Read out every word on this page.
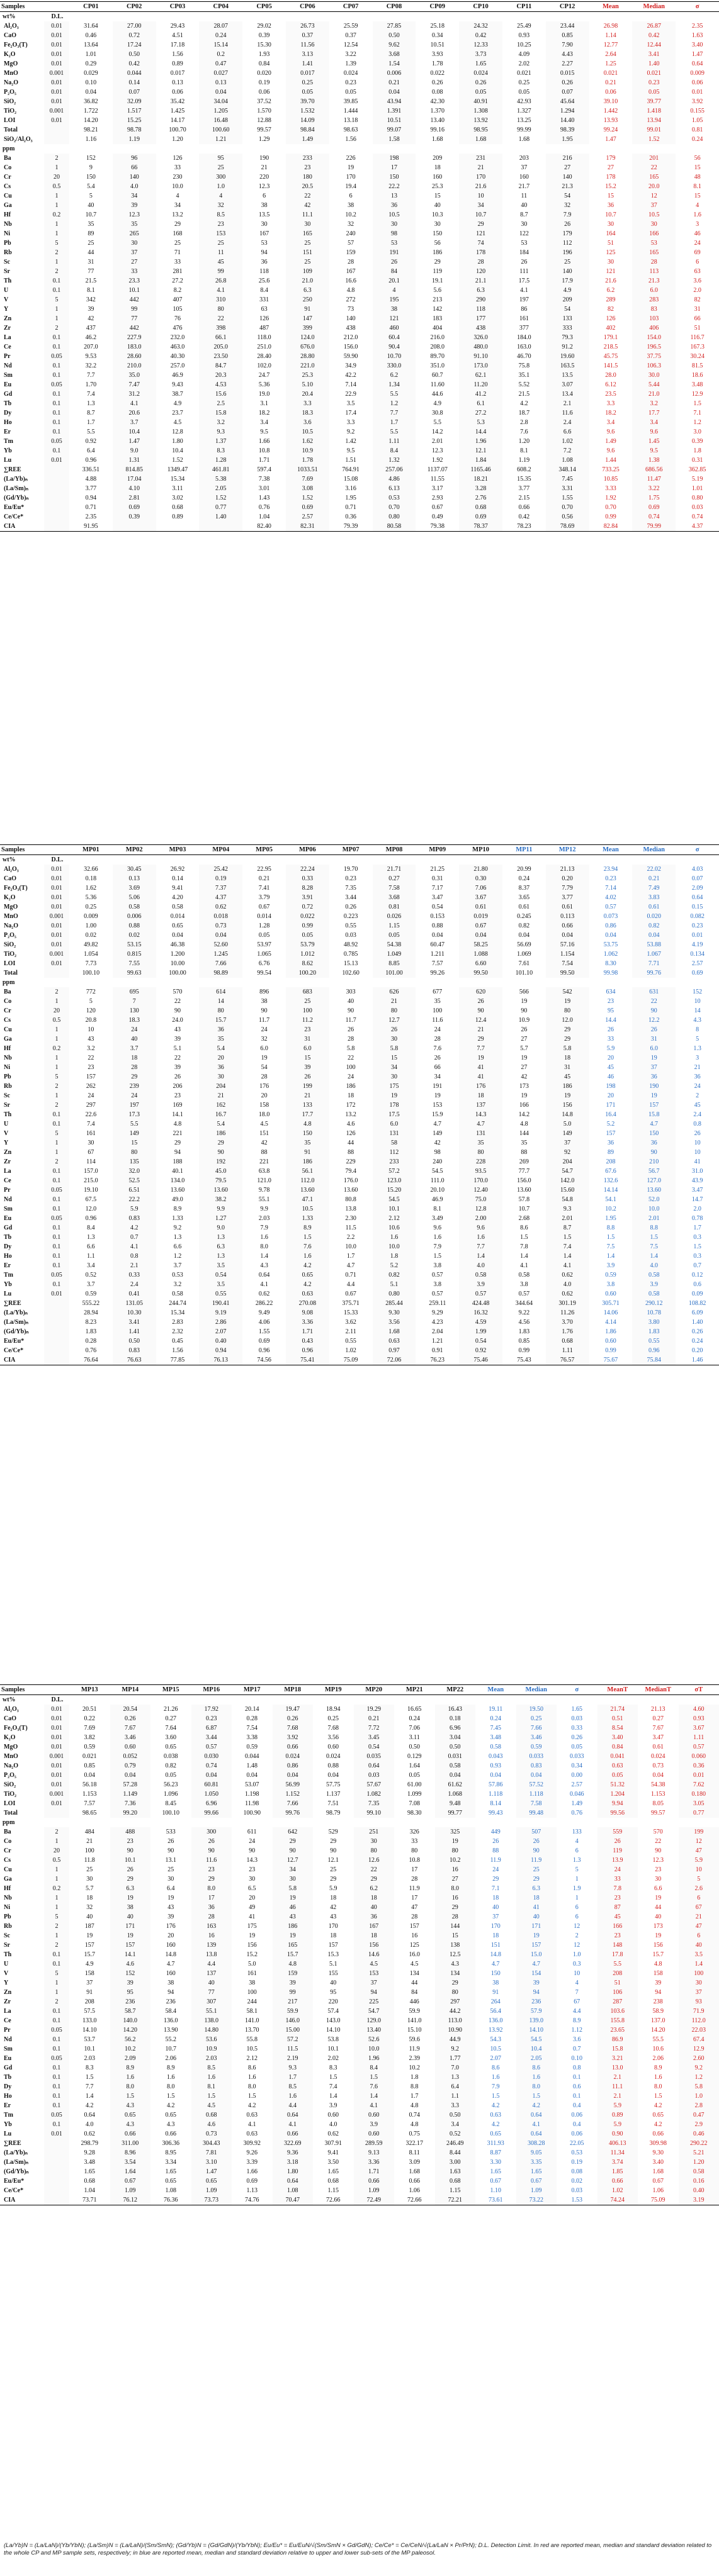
Samples		CP01	CP02	CP03	CP04	CP05	CP06	CP07	CP08	CP09	CP10	CP11	CP12	Mean	Median	σ
wt%	D.L.															
Al₂O₃	0.01	31.64	27.00	29.43	28.07	29.02	26.73	25.59	27.85	25.18	24.32	25.49	23.44	26.98	26.87	2.35
CaO	0.01	0.46	0.72	4.51	0.24	0.39	0.37	0.37	0.50	0.34	0.42	0.93	0.85	1.14	0.42	1.63
Fe₂O₃(T)	0.01	13.64	17.24	17.18	15.14	15.30	11.56	12.54	9.62	10.51	12.33	10.25	7.90	12.77	12.44	3.40
K₂O	0.01	1.01	0.50	1.56	0.2	1.93	3.13	3.22	3.68	3.93	3.73	4.09	4.43	2.64	3.41	1.47
MgO	0.01	0.29	0.42	0.89	0.47	0.84	1.41	1.39	1.54	1.78	1.65	2.02	2.27	1.25	1.40	0.64
MnO	0.001	0.029	0.044	0.017	0.027	0.020	0.017	0.024	0.006	0.022	0.024	0.021	0.015	0.021	0.021	0.009
Na₂O	0.01	0.10	0.14	0.13	0.13	0.19	0.25	0.23	0.21	0.26	0.26	0.25	0.26	0.21	0.23	0.06
P₂O₅	0.01	0.04	0.07	0.06	0.04	0.06	0.05	0.05	0.04	0.08	0.05	0.05	0.07	0.06	0.05	0.01
SiO₂	0.01	36.82	32.09	35.42	34.04	37.52	39.70	39.85	43.94	42.30	40.91	42.93	45.64	39.10	39.77	3.92
TiO₂	0.001	1.722	1.517	1.425	1.205	1.570	1.532	1.444	1.391	1.370	1.308	1.327	1.294	1.442	1.418	0.155
LOI	0.01	14.20	15.25	14.17	16.48	12.88	14.09	13.18	10.51	13.40	13.92	13.25	14.40	13.93	13.94	1.05
Total		98.21	98.78	100.70	100.60	99.57	98.84	98.63	99.07	99.16	98.95	99.99	98.39	99.24	99.01	0.81
SiO₂/Al₂O₃		1.16	1.19	1.20	1.21	1.29	1.49	1.56	1.58	1.68	1.68	1.68	1.95	1.47	1.52	0.24
ppm																
Ba	2	152	96	126	95	190	233	226	198	209	231	203	216	179	201	56
Co	1	9	66	33	25	21	23	19	17	18	21	37	27	27	22	15
Cr	20	150	140	230	300	220	180	170	150	160	170	160	140	178	165	48
Cs	0.5	5.4	4.0	10.0	1.0	12.3	20.5	19.4	22.2	25.3	21.6	21.7	21.3	15.2	20.0	8.1
Cu	1	5	34	4	4	6	22	6	13	15	10	11	54	15	12	15
Ga	1	40	39	34	32	38	42	38	36	40	34	40	32	36	37	4
Hf	0.2	10.7	12.3	13.2	8.5	13.5	11.1	10.2	10.5	10.3	10.7	8.7	7.9	10.7	10.5	1.6
Nb	1	35	35	29	23	30	30	32	30	30	29	30	26	30	30	3
Ni	1	89	265	168	153	167	165	240	98	150	121	122	179	164	166	46
Pb	5	25	30	25	25	53	25	57	53	56	74	53	112	51	53	24
Rb	2	44	37	71	11	94	151	159	191	186	178	184	196	125	165	69
Sc	1	31	27	33	45	36	25	28	26	29	28	26	25	30	28	6
Sr	2	77	33	281	99	118	109	167	84	119	120	111	140	121	113	63
Th	0.1	21.5	23.3	27.2	26.8	25.6	21.0	16.6	20.1	19.1	21.1	17.5	17.9	21.6	21.3	3.6
U	0.1	8.1	10.1	8.2	4.1	8.4	6.3	4.8	4	5.6	6.3	4.1	4.9	6.2	6.0	2.0
V	5	342	442	407	310	331	250	272	195	213	290	197	209	289	283	82
Y	1	39	99	105	80	63	91	73	38	142	118	86	54	82	83	31
Zn	1	42	77	76	22	126	147	140	121	183	177	161	133	126	103	66
Zr	2	437	442	476	398	487	399	438	460	404	438	377	333	402	406	51
La	0.1	46.2	227.9	232.0	66.1	118.0	124.0	212.0	60.4	216.0	326.0	184.0	79.3	179.1	154.0	116.7
Ce	0.1	207.0	183.0	463.0	205.0	251.0	676.0	156.0	90.4	208.0	480.0	163.0	91.2	218.5	196.5	167.3
Pr	0.05	9.53	28.60	40.30	23.50	28.40	28.80	59.90	10.70	89.70	91.10	46.70	19.60	45.75	37.75	30.24
Nd	0.1	32.2	210.0	257.0	84.7	102.0	221.0	34.9	330.0	351.0	173.0	75.8	163.5	141.5	106.3	81.5
Sm	0.1	7.7	35.0	46.9	20.3	24.7	25.3	42.2	6.2	60.7	62.1	35.1	13.5	28.0	30.0	18.6
Eu	0.05	1.70	7.47	9.43	4.53	5.36	5.10	7.14	1.34	11.60	11.20	5.52	3.07	6.12	5.44	3.48
Gd	0.1	7.4	31.2	38.7	15.6	19.0	20.4	22.9	5.5	44.6	41.2	21.5	13.4	23.5	21.0	12.9
Tb	0.1	1.3	4.1	4.9	2.5	3.1	3.3	3.5	1.2	4.9	6.1	4.2	2.1	3.3	3.2	1.5
Dy	0.1	8.7	20.6	23.7	15.8	18.2	18.3	17.4	7.7	30.8	27.2	18.7	11.6	18.2	17.7	7.1
Ho	0.1	1.7	3.7	4.5	3.2	3.4	3.6	3.3	1.7	5.5	5.3	2.8	2.4	3.4	3.4	1.2
Er	0.1	5.5	10.4	12.8	9.3	9.5	10.5	9.2	5.5	14.2	14.4	7.6	6.6	9.6	9.6	3.0
Tm	0.05	0.92	1.47	1.80	1.37	1.66	1.62	1.42	1.11	2.01	1.96	1.20	1.02	1.49	1.45	0.39
Yb	0.1	6.4	9.0	10.4	8.3	10.8	10.9	9.5	8.4	12.3	12.1	8.1	7.2	9.6	9.5	1.8
Lu	0.01	0.96	1.31	1.52	1.28	1.71	1.78	1.51	1.32	1.92	1.84	1.19	1.08	1.44	1.38	0.31
∑REE		336.51	814.85	1349.47	461.81	597.4	1033.51	764.91	257.06	1137.07	1165.46	608.2	348.14	733.25	686.56	362.85
(La/Yb)ₙ		4.88	17.04	15.34	5.38	7.38	7.69	15.08	4.86	11.55	18.21	15.35	7.45	10.85	11.47	5.19
(La/Sm)ₙ		3.77	4.10	3.11	2.05	3.01	3.08	3.16	6.13	3.17	3.28	3.77	3.31	3.33	3.22	1.01
(Gd/Yb)ₙ		0.94	2.81	3.02	1.52	1.43	1.52	1.95	0.53	2.93	2.76	2.15	1.55	1.92	1.75	0.80
Eu/Eu*		0.71	0.69	0.68	0.77	0.76	0.69	0.71	0.70	0.67	0.68	0.66	0.70	0.70	0.69	0.03
Ce/Ce*		2.35	0.39	0.89	1.40	1.04	2.57	0.36	0.80	0.49	0.69	0.42	0.56	0.99	0.74	0.74
CIA		91.95				82.40	82.31	79.39	80.58	79.38	78.37	78.23	78.69	82.84	79.99	4.37
Samples		MP01	MP02	MP03	MP04	MP05	MP06	MP07	MP08	MP09	MP10	MP11	MP12	Mean	Median	σ
wt%	D.L.															
Al₂O₃	0.01	32.66	30.45	26.92	25.42	22.95	22.24	19.70	21.71	21.25	21.80	20.99	21.13	23.94	22.02	4.03
CaO	0.01	0.18	0.13	0.14	0.19	0.21	0.33	0.23	0.27	0.31	0.30	0.24	0.20	0.23	0.21	0.07
Fe₂O₃(T)	0.01	1.62	3.69	9.41	7.37	7.41	8.28	7.35	7.58	7.17	7.06	8.37	7.79	7.14	7.49	2.09
K₂O	0.01	5.36	5.06	4.20	4.37	3.79	3.91	3.44	3.68	3.47	3.67	3.65	3.77	4.02	3.83	0.64
MgO	0.01	0.25	0.58	0.58	0.62	0.67	0.72	0.26	0.81	0.54	0.61	0.61	0.61	0.57	0.61	0.15
MnO	0.001	0.009	0.006	0.014	0.018	0.014	0.022	0.223	0.026	0.153	0.019	0.245	0.113	0.073	0.020	0.082
Na₂O	0.01	1.00	0.88	0.65	0.73	1.28	0.99	0.55	1.15	0.88	0.67	0.82	0.66	0.86	0.82	0.23
P₂O₅	0.01	0.02	0.02	0.04	0.04	0.05	0.05	0.03	0.05	0.04	0.04	0.04	0.04	0.04	0.04	0.01
SiO₂	0.01	49.82	53.15	46.38	52.60	53.97	53.79	48.92	54.38	60.47	58.25	56.69	57.16	53.75	53.88	4.19
TiO₂	0.001	1.054	0.815	1.200	1.245	1.065	1.012	0.785	1.049	1.211	1.088	1.069	1.154	1.062	1.067	0.134
LOI	0.01	7.73	7.55	10.00	7.66	6.76	8.62	15.13	8.85	7.57	6.60	7.61	7.54	8.30	7.71	2.57
Total		100.10	99.63	100.00	98.89	99.54	100.20	102.60	101.00	99.26	99.50	101.10	99.50	99.98	99.76	0.69
ppm																
Ba	2	772	695	570	614	896	683	303	626	677	620	566	542	634	631	152
Co	1	5	7	22	14	38	25	40	21	35	26	19	19	23	22	10
Cr	20	120	130	90	80	90	100	90	80	100	90	90	80	95	90	14
Cs	0.5	20.8	18.3	24.0	15.7	11.7	11.2	11.7	12.7	11.6	12.4	10.9	12.0	14.4	12.2	4.3
Cu	1	10	24	43	36	24	23	26	26	24	21	26	29	26	26	8
Ga	1	43	40	39	35	32	31	28	30	28	29	27	29	33	31	5
Hf	0.2	3.2	3.7	5.1	5.4	6.0	6.0	5.8	5.8	7.6	7.7	5.7	5.8	5.9	6.0	1.3
Nb	1	22	18	22	20	19	15	22	15	26	19	19	18	20	19	3
Ni	1	23	28	39	36	54	39	100	34	66	41	27	31	45	37	21
Pb	5	157	29	26	30	28	26	24	30	34	41	42	45	46	36	36
Rb	2	262	239	206	204	176	199	186	175	191	176	173	186	198	190	24
Sc	1	24	24	23	21	20	21	18	19	19	18	19	19	20	19	2
Sr	2	297	197	169	162	158	133	172	178	153	137	166	156	171	157	45
Th	0.1	22.6	17.3	14.1	16.7	18.0	17.7	13.2	17.5	15.9	14.3	14.2	14.8	16.4	15.8	2.4
U	0.1	7.4	5.5	4.8	5.4	4.5	4.8	4.6	6.0	4.7	4.7	4.8	5.0	5.2	4.7	0.8
V	5	161	149	221	186	151	150	126	131	149	131	144	149	157	150	26
Y	1	30	15	29	29	42	35	44	58	42	35	35	37	36	36	10
Zn	1	67	80	94	90	88	91	88	112	98	80	88	92	89	90	10
Zr	2	114	135	188	192	221	186	229	233	240	228	269	204	208	210	41
La	0.1	157.0	32.0	40.1	45.0	63.8	56.1	79.4	57.2	54.5	93.5	77.7	54.7	67.6	56.7	31.0
Ce	0.1	215.0	52.5	134.0	79.5	121.0	112.0	176.0	123.0	111.0	170.0	156.0	142.0	132.6	127.0	43.9
Pr	0.05	19.10	6.51	13.60	13.60	9.78	13.60	13.60	15.20	20.10	12.40	13.60	15.60	14.14	13.60	3.47
Nd	0.1	67.5	22.2	49.0	38.2	55.1	47.1	80.8	54.5	46.9	75.0	57.8	54.8	54.1	52.0	14.7
Sm	0.1	12.0	5.9	8.9	9.9	9.9	10.5	13.8	10.1	8.1	12.8	10.7	9.3	10.2	10.0	2.0
Eu	0.05	0.96	0.83	1.33	1.27	2.03	1.33	2.30	2.12	3.49	2.00	2.68	2.01	1.95	2.01	0.78
Gd	0.1	8.4	4.2	9.2	9.0	7.9	8.9	11.5	10.6	9.6	9.6	8.6	8.7	8.8	8.8	1.7
Tb	0.1	1.3	0.7	1.3	1.3	1.6	1.5	2.2	1.6	1.6	1.6	1.5	1.5	1.5	1.5	0.3
Dy	0.1	6.6	4.1	6.6	6.3	8.0	7.6	10.0	10.0	7.9	7.7	7.8	7.4	7.5	7.5	1.5
Ho	0.1	1.1	0.8	1.2	1.3	1.4	1.6	1.7	1.8	1.5	1.4	1.4	1.4	1.4	1.4	0.3
Er	0.1	3.4	2.1	3.7	3.5	4.3	4.2	4.7	5.2	3.8	4.0	4.1	4.1	3.9	4.0	0.7
Tm	0.05	0.52	0.33	0.53	0.54	0.64	0.65	0.71	0.82	0.57	0.58	0.58	0.62	0.59	0.58	0.12
Yb	0.1	3.7	2.4	3.2	3.5	4.1	4.2	4.4	5.1	3.8	3.9	3.8	4.0	3.8	3.9	0.6
Lu	0.01	0.59	0.41	0.58	0.55	0.62	0.63	0.67	0.80	0.57	0.57	0.57	0.62	0.60	0.58	0.09
∑REE		555.22	131.05	244.74	190.41	286.22	270.08	375.71	285.44	259.11	424.48	344.64	301.19	305.71	290.12	108.82
(La/Yb)ₙ		28.94	10.30	15.34	9.19	9.49	9.08	15.33	9.30	9.29	16.32	9.22	11.26	14.06	10.78	6.09
(La/Sm)ₙ		8.23	3.41	2.83	2.86	4.06	3.36	3.62	3.56	4.23	4.59	4.56	3.70	4.14	3.80	1.40
(Gd/Yb)ₙ		1.83	1.41	2.32	2.07	1.55	1.71	2.11	1.68	2.04	1.99	1.83	1.76	1.86	1.83	0.26
Eu/Eu*		0.28	0.50	0.45	0.40	0.69	0.43	0.55	0.63	1.21	0.54	0.85	0.68	0.60	0.55	0.24
Ce/Ce*		0.76	0.83	1.56	0.94	0.96	0.96	1.02	0.97	0.91	0.92	0.99	1.11	0.99	0.96	0.20
CIA		76.64	76.63	77.85	76.13	74.56	75.41	75.09	72.06	76.23	75.46	75.43	76.57	75.67	75.84	1.46
Samples		MP13	MP14	MP15	MP16	MP17	MP18	MP19	MP20	MP21	MP22	Mean	Median	σ	MeanT	MedianT	σT
wt%	D.L.																
Al₂O₃	0.01	20.51	20.54	21.26	17.92	20.14	19.47	18.94	19.29	16.65	16.43	19.11	19.50	1.65	21.74	21.13	4.60
CaO	0.01	0.22	0.26	0.27	0.23	0.28	0.26	0.25	0.21	0.24	0.18	0.24	0.25	0.03	0.51	0.27	0.93
Fe₂O₃(T)	0.01	7.69	7.67	7.64	6.87	7.54	7.68	7.68	7.72	7.06	6.96	7.45	7.66	0.33	8.54	7.67	3.67
K₂O	0.01	3.82	3.46	3.60	3.44	3.38	3.92	3.56	3.45	3.11	3.04	3.48	3.46	0.26	3.40	3.47	1.11
MgO	0.01	0.59	0.60	0.65	0.57	0.59	0.66	0.60	0.54	0.50	0.50	0.58	0.59	0.05	0.84	0.61	0.57
MnO	0.001	0.021	0.052	0.038	0.030	0.044	0.024	0.024	0.035	0.129	0.031	0.043	0.033	0.033	0.041	0.024	0.060
Na₂O	0.01	0.85	0.79	0.82	0.74	1.48	0.86	0.88	0.64	1.64	0.58	0.93	0.83	0.34	0.63	0.73	0.36
P₂O₅	0.01	0.04	0.04	0.05	0.04	0.04	0.04	0.04	0.03	0.05	0.04	0.04	0.04	0.00	0.05	0.04	0.01
SiO₂	0.01	56.18	57.28	56.23	60.81	53.07	56.99	57.75	57.67	61.00	61.62	57.86	57.52	2.57	51.32	54.38	7.62
TiO₂	0.001	1.153	1.149	1.096	1.050	1.198	1.152	1.137	1.082	1.099	1.068	1.118	1.118	0.046	1.204	1.153	0.180
LOI	0.01	7.57	7.36	8.45	6.96	11.98	7.66	7.51	7.35	7.08	9.48	8.14	7.58	1.49	9.94	8.05	3.05
Total		98.65	99.20	100.10	99.66	100.90	99.76	98.79	99.10	98.30	99.77	99.43	99.48	0.76	99.56	99.57	0.77
ppm																	
Ba	2	484	488	533	300	611	642	529	251	326	325	449	507	133	559	570	199
Co	1	21	23	26	26	24	29	29	30	33	19	26	26	4	26	22	12
Cr	20	100	90	90	90	90	90	90	80	80	80	88	90	6	119	90	47
Cs	0.5	11.8	10.1	13.1	11.6	14.3	12.7	12.1	12.6	10.8	10.2	11.9	11.9	1.3	13.9	12.3	5.9
Cu	1	25	26	25	23	23	34	25	22	17	16	24	25	5	24	23	10
Ga	1	30	29	30	29	30	30	29	29	28	27	29	29	1	33	30	5
Hf	0.2	5.7	6.3	6.4	8.0	6.5	5.8	5.9	6.2	11.9	8.0	7.1	6.3	1.9	7.8	6.6	2.6
Nb	1	18	19	19	17	20	19	18	18	17	16	18	18	1	23	19	6
Ni	1	32	38	43	36	49	46	42	40	47	29	40	41	6	87	44	67
Pb	5	40	40	39	28	41	43	43	36	28	28	37	40	6	45	40	21
Rb	2	187	171	176	163	175	186	170	167	157	144	170	171	12	166	173	47
Sc	1	19	19	20	16	19	19	18	18	16	15	18	19	2	23	19	6
Sr	2	157	157	160	139	156	165	157	156	125	138	151	157	12	148	156	40
Th	0.1	15.7	14.1	14.8	13.8	15.2	15.7	15.3	14.6	16.0	12.5	14.8	15.0	1.0	17.8	15.7	3.5
U	0.1	4.9	4.6	4.7	4.4	5.0	4.8	5.1	4.5	4.5	4.3	4.7	4.7	0.3	5.5	4.8	1.4
V	5	158	152	160	137	161	159	155	153	134	134	150	154	10	208	158	100
Y	1	37	39	38	40	38	39	40	37	44	29	38	39	4	51	39	30
Zn	1	91	95	94	77	100	99	95	94	84	80	91	94	7	106	94	37
Zr	2	208	236	236	307	244	217	220	225	446	297	264	236	67	287	238	93
La	0.1	57.5	58.7	58.4	55.1	58.1	59.9	57.4	54.7	59.9	44.2	56.4	57.9	4.4	103.6	58.9	71.9
Ce	0.1	133.0	140.0	136.0	138.0	141.0	146.0	143.0	129.0	141.0	113.0	136.0	139.0	8.9	155.8	137.0	112.0
Pr	0.05	14.10	14.20	13.90	14.80	13.70	15.00	14.10	13.40	15.10	10.90	13.92	14.10	1.12	23.65	14.20	22.03
Nd	0.1	53.7	56.2	55.2	53.6	55.8	57.2	53.8	52.6	59.6	44.9	54.3	54.5	3.6	86.9	55.5	67.4
Sm	0.1	10.1	10.2	10.7	10.9	10.5	11.5	10.1	10.0	11.9	9.2	10.5	10.4	0.7	15.8	10.6	12.9
Eu	0.05	2.03	2.09	2.06	2.03	2.12	2.19	2.02	1.96	2.39	1.77	2.07	2.05	0.10	3.21	2.06	2.60
Gd	0.1	8.3	8.9	8.9	8.5	8.6	9.3	8.3	8.4	10.2	7.0	8.6	8.6	0.8	13.0	8.9	9.2
Tb	0.1	1.5	1.6	1.6	1.6	1.6	1.7	1.5	1.5	1.8	1.3	1.6	1.6	0.1	2.1	1.6	1.2
Dy	0.1	7.7	8.0	8.0	8.1	8.0	8.5	7.4	7.6	8.8	6.4	7.9	8.0	0.6	11.1	8.0	5.8
Ho	0.1	1.4	1.5	1.5	1.5	1.5	1.6	1.4	1.4	1.7	1.1	1.5	1.5	0.1	2.1	1.5	1.0
Er	0.1	4.2	4.3	4.2	4.5	4.2	4.4	3.9	4.1	4.8	3.3	4.2	4.2	0.4	5.9	4.2	2.8
Tm	0.05	0.64	0.65	0.65	0.68	0.63	0.64	0.60	0.60	0.74	0.50	0.63	0.64	0.06	0.89	0.65	0.47
Yb	0.1	4.0	4.3	4.3	4.6	4.1	4.1	4.0	3.9	4.8	3.4	4.2	4.1	0.4	5.9	4.2	2.9
Lu	0.01	0.62	0.66	0.66	0.73	0.63	0.66	0.62	0.60	0.75	0.52	0.65	0.64	0.06	0.90	0.66	0.46
∑REE		298.79	311.00	306.36	304.43	309.92	322.69	307.91	289.59	322.17	246.49	311.93	308.28	22.05	406.13	309.98	290.22
(La/Yb)ₙ		9.28	8.96	8.95	7.81	9.26	9.36	9.41	9.13	8.11	8.44	8.87	9.05	0.53	11.34	9.30	5.21
(La/Sm)ₙ		3.48	3.54	3.34	3.10	3.39	3.18	3.50	3.36	3.09	3.00	3.30	3.35	0.19	3.74	3.40	1.20
(Gd/Yb)ₙ		1.65	1.64	1.65	1.47	1.66	1.80	1.65	1.71	1.68	1.63	1.65	1.65	0.08	1.85	1.68	0.58
Eu/Eu*		0.68	0.67	0.65	0.65	0.69	0.64	0.68	0.66	0.66	0.68	0.67	0.67	0.02	0.66	0.67	0.16
Ce/Ce*		1.04	1.09	1.08	1.09	1.13	1.08	1.15	1.09	1.06	1.15	1.10	1.09	0.03	1.02	1.06	0.40
CIA		73.71	76.12	76.36	73.73	74.76	70.47	72.66	72.49	72.66	72.21	73.61	73.22	1.53	74.24	75.09	3.19
(La/Yb)N = (La/LaN)/(Yb/YbN); (La/Sm)N = (La/LaN)/(Sm/SmN); (Gd/Yb)N = (Gd/GdN)/(Yb/YbN); Eu/Eu* = Eu/EuN/√(Sm/SmN × Gd/GdN); Ce/Ce* = Ce/CeN/√(La/LaN × Pr/PrN); D.L. Detection Limit. In red are reported mean, median and standard deviation related to the whole CP and MP sample sets, respectively; in blue are reported mean, median and standard deviation relative to upper and lower sub-sets of the MP paleosol.
